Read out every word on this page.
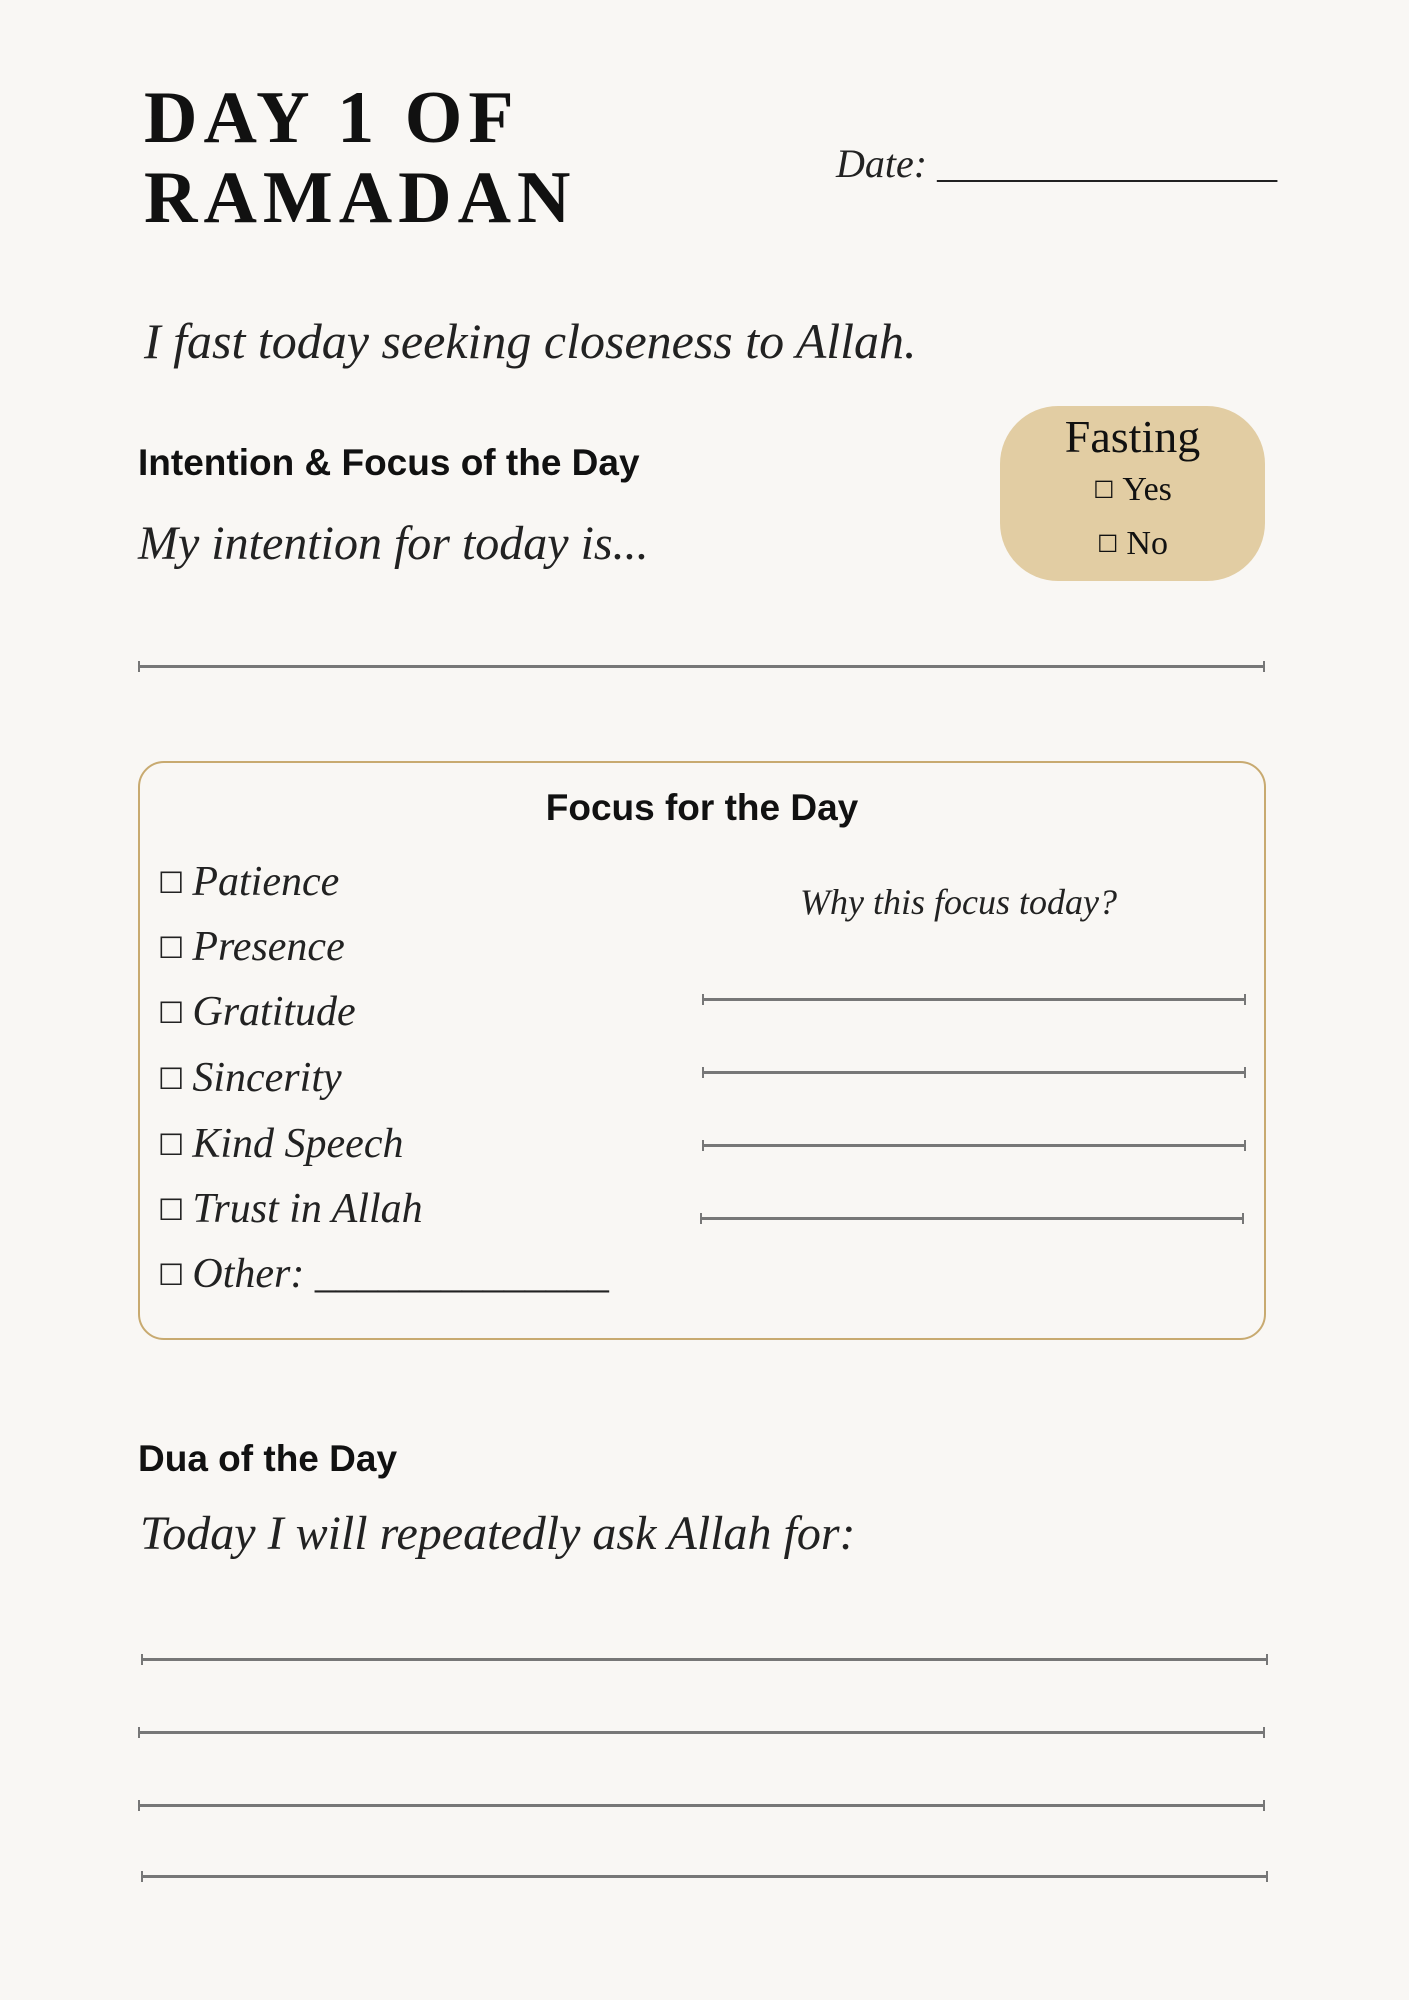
DAY 1 OF
RAMADAN	Date: _________________
I fast today seeking closeness to Allah.
Intention & Focus of the Day
My intention for today is...
Fasting
☐ Yes
☐ No
Focus for the Day
☐ Patience
☐ Presence
☐ Gratitude
☐ Sincerity
☐ Kind Speech
☐ Trust in Allah
☐ Other: ______________
Why this focus today?
Dua of the Day
Today I will repeatedly ask Allah for:
